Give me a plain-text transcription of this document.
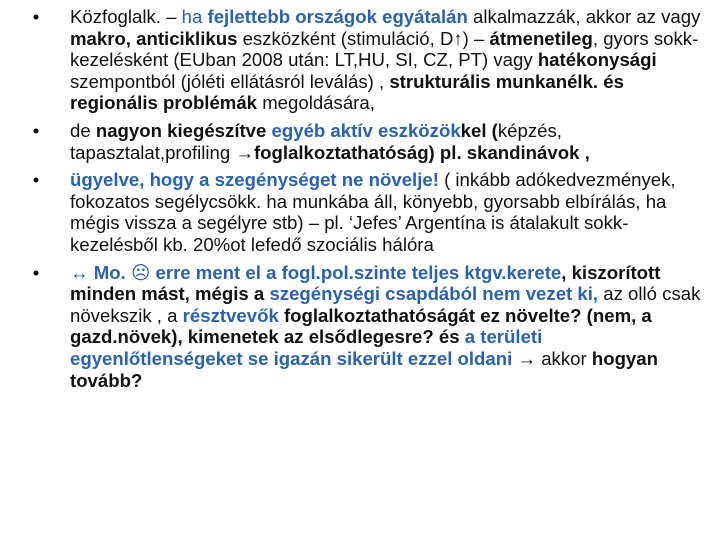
•	Közfoglalk. – ha fejlettebb országok egyátalán alkalmazzák, akkor az vagy makro, anticiklikus eszközként (stimuláció, D↑) – átmenetileg, gyors sokk-kezelésként (EUban 2008 után: LT,HU, SI, CZ, PT) vagy hatékonysági szempontból (jóléti ellátásról leválás) , strukturális munkanélk. és regionális problémák megoldására,
•	de nagyon kiegészítve egyéb aktív eszközökkel (képzés, tapasztalat,profiling →foglalkoztathatóság) pl. skandinávok ,
•	ügyelve, hogy a szegénységet ne növelje! ( inkább adókedvezmények, fokozatos segélycsökk. ha munkába áll, könyebb, gyorsabb elbírálás, ha mégis vissza a segélyre stb) – pl. ‘Jefes’ Argentína is átalakult sokk-kezelésből kb. 20%ot lefedő szociális hálóra
•	↔ Mo. ☹ erre ment el a fogl.pol.szinte teljes ktgv.kerete, kiszorított minden mást, mégis a szegénységi csapdából nem vezet ki, az olló csak növekszik , a résztvevők foglalkoztathatóságát ez növelte? (nem, a gazd.növek), kimenetek az elsődlegesre? és a területi egyenlőtlenségeket se igazán sikerült ezzel oldani → akkor hogyan tovább?
